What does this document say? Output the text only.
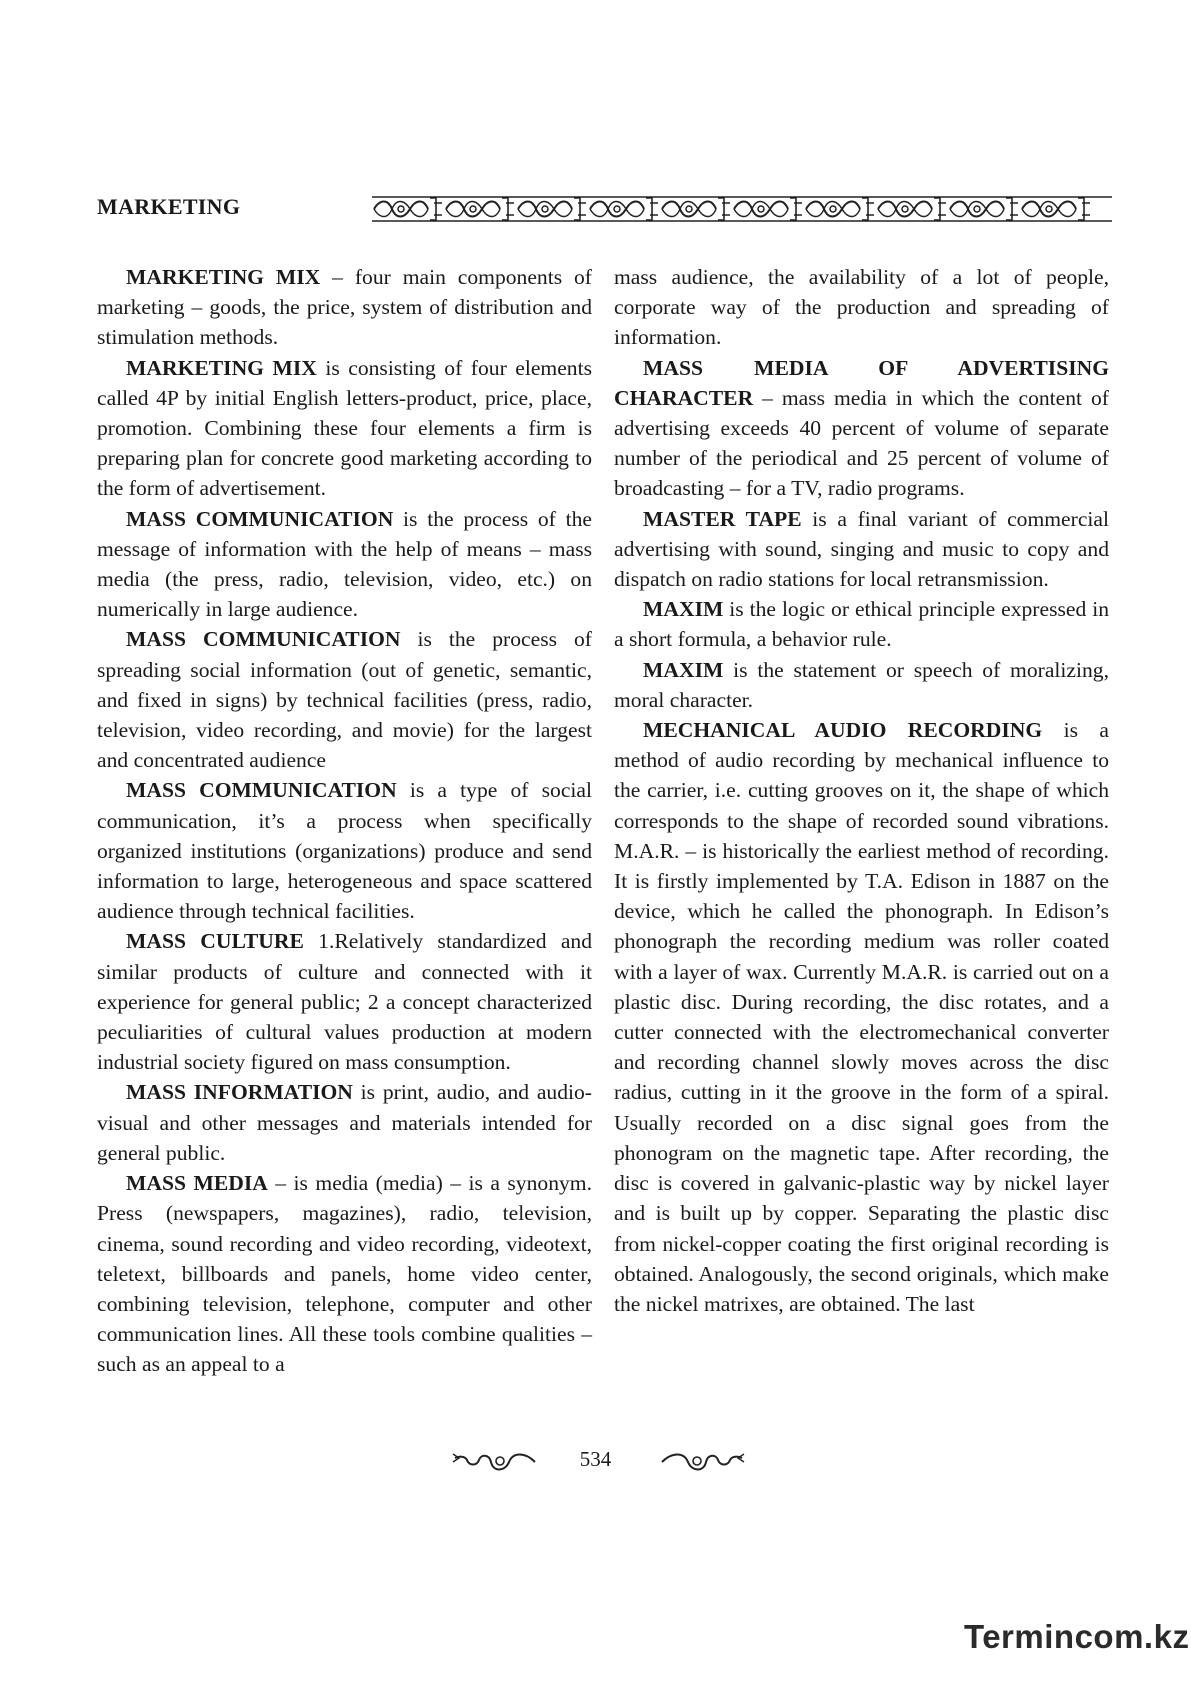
MARKETING

MARKETING MIX – four main components of marketing – goods, the price, system of distribution and stimulation methods.

MARKETING MIX is consisting of four elements called 4P by initial English letters-product, price, place, promotion. Combining these four elements a firm is preparing plan for concrete good marketing according to the form of advertisement.

MASS COMMUNICATION is the process of the message of information with the help of means – mass media (the press, radio, television, video, etc.) on numerically in large audience.

MASS COMMUNICATION is the process of spreading social information (out of genetic, semantic, and fixed in signs) by technical facilities (press, radio, television, video recording, and movie) for the largest and concentrated audience

MASS COMMUNICATION is a type of social communication, it’s a process when specifically organized institutions (organizations) produce and send information to large, heterogeneous and space scattered audience through technical facilities.

MASS CULTURE 1.Relatively standardized and similar products of culture and connected with it experience for general public; 2 a concept characterized peculiarities of cultural values production at modern industrial society figured on mass consumption.

MASS INFORMATION is print, audio, and audio-visual and other messages and materials intended for general public.

MASS MEDIA – is media (media) – is a synonym. Press (newspapers, magazines), radio, television, cinema, sound recording and video recording, videotext, teletext, billboards and panels, home video center, combining television, telephone, computer and other communication lines. All these tools combine qualities – such as an appeal to a

mass audience, the availability of a lot of people, corporate way of the production and spreading of information.

MASS MEDIA OF ADVERTISING CHARACTER – mass media in which the content of advertising exceeds 40 percent of volume of separate number of the periodical and 25 percent of volume of broadcasting – for a TV, radio programs.

MASTER TAPE is a final variant of commercial advertising with sound, singing and music to copy and dispatch on radio stations for local retransmission.

MAXIM is the logic or ethical principle expressed in a short formula, a behavior rule.

MAXIM is the statement or speech of moralizing, moral character.

MECHANICAL AUDIO RECORDING is a method of audio recording by mechanical influence to the carrier, i.e. cutting grooves on it, the shape of which corresponds to the shape of recorded sound vibrations. M.A.R. – is historically the earliest method of recording. It is firstly implemented by T.A. Edison in 1887 on the device, which he called the phonograph. In Edison’s phonograph the recording medium was roller coated with a layer of wax. Currently M.A.R. is carried out on a plastic disc. During recording, the disc rotates, and a cutter connected with the electromechanical converter and recording channel slowly moves across the disc radius, cutting in it the groove in the form of a spiral. Usually recorded on a disc signal goes from the phonogram on the magnetic tape. After recording, the disc is covered in galvanic-plastic way by nickel layer and is built up by copper. Separating the plastic disc from nickel-copper coating the first original recording is obtained. Analogously, the second originals, which make the nickel matrixes, are obtained. The last

534
Termincom.kz
